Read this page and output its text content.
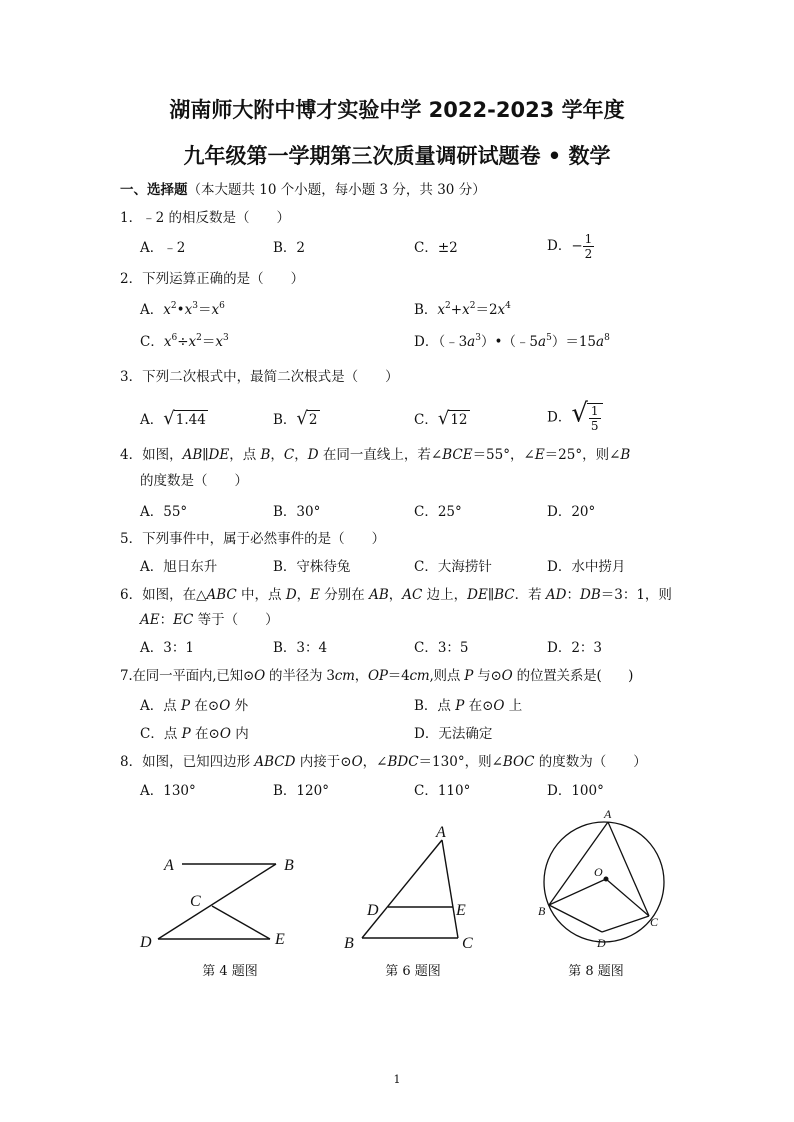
湖南师大附中博才实验中学 2022-2023 学年度
九年级第一学期第三次质量调研试题卷 • 数学
一、选择题（本大题共 10 个小题，每小题 3 分，共 30 分）
1．﹣2 的相反数是（　　）
A．﹣2	B．2	C．±2	D．− $\frac{1}{2}$
2．下列运算正确的是（　　）
A．$x^2•x^3=x^6$	B．$x^2+x^2=2x^4$
C．$x^6\div x^2=x^3$	D．$(﹣3a^3)•(﹣5a^5)=15a^8$
3．下列二次根式中，最简二次根式是（　　）
A．√1.44	B．√2	C．√12	D．√ $\frac{1}{5}$
4．如图，AB∥DE，点 B，C，D 在同一直线上，若∠BCE＝55°，∠E＝25°，则∠B
的度数是（　　）
A．55°	B．30°	C．25°	D．20°
5．下列事件中，属于必然事件的是（　　）
A．旭日东升	B．守株待兔	C．大海捞针	D．水中捞月
6．如图，在△ABC 中，点 D，E 分别在 AB，AC 边上，DE∥BC．若 AD：DB＝3：1，则
AE：EC 等于（　　）
A．3：1	B．3：4	C．3：5	D．2：3
7.在同一平面内,已知⊙O 的半径为 3cm，OP＝4cm,则点 P 与⊙O 的位置关系是(　　)
A．点 P 在⊙O 外	B．点 P 在⊙O 上
C．点 P 在⊙O 内	D．无法确定
8．如图，已知四边形 ABCD 内接于⊙O，∠BDC＝130°，则∠BOC 的度数为（　　）
A．130°	B．120°	C．110°	D．100°
A	B
C
D	E
第 4 题图
A
B	C
D	E
第 6 题图
A
B
C
D
O
第 8 题图
1
